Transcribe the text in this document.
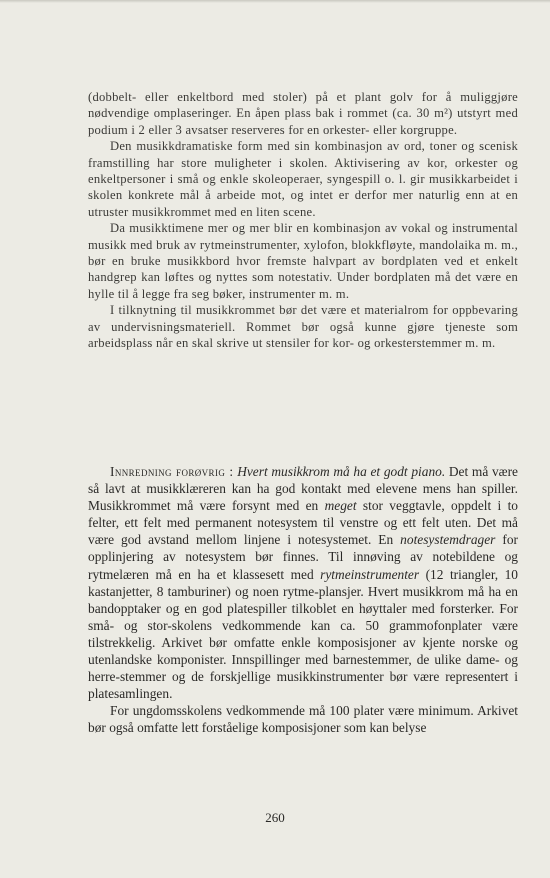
(dobbelt- eller enkeltbord med stoler) på et plant golv for å muliggjøre nødvendige omplaseringer. En åpen plass bak i rommet (ca. 30 m²) utstyrt med podium i 2 eller 3 avsatser reserveres for en orkester- eller korgruppe.

Den musikkdramatiske form med sin kombinasjon av ord, toner og scenisk framstilling har store muligheter i skolen. Aktivisering av kor, orkester og enkeltpersoner i små og enkle skoleoperaer, syngespill o. l. gir musikkarbeidet i skolen konkrete mål å arbeide mot, og intet er derfor mer naturlig enn at en utruster musikkrommet med en liten scene.

Da musikktimene mer og mer blir en kombinasjon av vokal og instrumental musikk med bruk av rytmeinstrumenter, xylofon, blokkfløyte, mandolaika m. m., bør en bruke musikkbord hvor fremste halvpart av bordplaten ved et enkelt handgrep kan løftes og nyttes som notestativ. Under bordplaten må det være en hylle til å legge fra seg bøker, instrumenter m. m.

I tilknytning til musikkrommet bør det være et materialrom for oppbevaring av undervisningsmateriell. Rommet bør også kunne gjøre tjeneste som arbeidsplass når en skal skrive ut stensiler for kor- og orkesterstemmer m. m.

Innredning forøvrig : Hvert musikkrom må ha et godt piano. Det må være så lavt at musikklæreren kan ha god kontakt med elevene mens han spiller. Musikkrommet må være forsynt med en meget stor veggtavle, oppdelt i to felter, ett felt med permanent notesystem til venstre og ett felt uten. Det må være god avstand mellom linjene i notesystemet. En notesystemdrager for opplinjering av notesystem bør finnes. Til innøving av notebildene og rytmelæren må en ha et klassesett med rytmeinstrumenter (12 triangler, 10 kastanjetter, 8 tamburiner) og noen rytme-plansjer. Hvert musikkrom må ha en bandopptaker og en god platespiller tilkoblet en høyttaler med forsterker. For små- og stor-skolens vedkommende kan ca. 50 grammofonplater være tilstrekkelig. Arkivet bør omfatte enkle komposisjoner av kjente norske og utenlandske komponister. Innspillinger med barnestemmer, de ulike dame- og herre-stemmer og de forskjellige musikkinstrumenter bør være representert i platesamlingen.

For ungdomsskolens vedkommende må 100 plater være minimum. Arkivet bør også omfatte lett forståelige komposisjoner som kan belyse

260
